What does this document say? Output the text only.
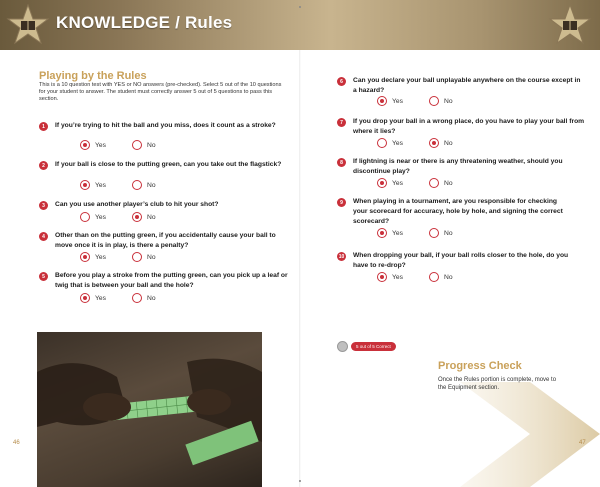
KNOWLEDGE / Rules
Playing by the Rules
This is a 10 question test with YES or NO answers (pre-checked). Select 5 out of the 10 questions for your student to answer. The student must correctly answer 5 out of 5 questions to pass this section.
1	If you’re trying to hit the ball and you miss, does it count as a stroke?
Yes	No
2	If your ball is close to the putting green, can you take out the flagstick?
Yes	No
3	Can you use another player’s club to hit your shot?
Yes	No
4	Other than on the putting green, if you accidentally cause your ball to move once it is in play, is there a penalty?
Yes	No
5	Before you play a stroke from the putting green, can you pick up a leaf or twig that is between your ball and the hole?
Yes	No
46
6	Can you declare your ball unplayable anywhere on the course except in a hazard?
Yes	No
7	If you drop your ball in a wrong place, do you have to play your ball from where it lies?
Yes	No
8	If lightning is near or there is any threatening weather, should you discontinue play?
Yes	No
9	When playing in a tournament, are you responsible for checking your scorecard for accuracy, hole by hole, and signing the correct scorecard?
Yes	No
10 When dropping your ball, if your ball rolls closer to the hole, do you have to re-drop?
Yes	No
5 out of 5 Correct
Progress Check
Once the Rules portion is complete, move to the Equipment section.
47
